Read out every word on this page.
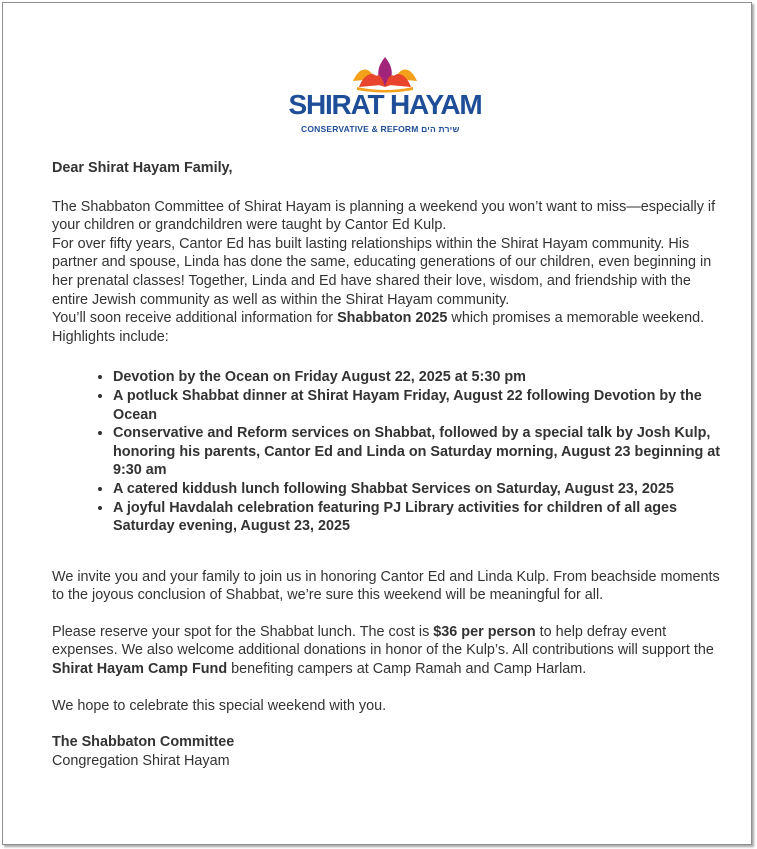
SHIRAT HAYAM
CONSERVATIVE & REFORM שירת הים

Dear Shirat Hayam Family,

The Shabbaton Committee of Shirat Hayam is planning a weekend you won’t want to miss—especially if your children or grandchildren were taught by Cantor Ed Kulp.

For over fifty years, Cantor Ed has built lasting relationships within the Shirat Hayam community. His partner and spouse, Linda has done the same, educating generations of our children, even beginning in her prenatal classes! Together, Linda and Ed have shared their love, wisdom, and friendship with the entire Jewish community as well as within the Shirat Hayam community.

You’ll soon receive additional information for Shabbaton 2025 which promises a memorable weekend. Highlights include:

• Devotion by the Ocean on Friday August 22, 2025 at 5:30 pm
• A potluck Shabbat dinner at Shirat Hayam Friday, August 22 following Devotion by the Ocean
• Conservative and Reform services on Shabbat, followed by a special talk by Josh Kulp, honoring his parents, Cantor Ed and Linda on Saturday morning, August 23 beginning at 9:30 am
• A catered kiddush lunch following Shabbat Services on Saturday, August 23, 2025
• A joyful Havdalah celebration featuring PJ Library activities for children of all ages Saturday evening, August 23, 2025

We invite you and your family to join us in honoring Cantor Ed and Linda Kulp. From beachside moments to the joyous conclusion of Shabbat, we’re sure this weekend will be meaningful for all.

Please reserve your spot for the Shabbat lunch. The cost is $36 per person to help defray event expenses. We also welcome additional donations in honor of the Kulp’s. All contributions will support the Shirat Hayam Camp Fund benefiting campers at Camp Ramah and Camp Harlam.

We hope to celebrate this special weekend with you.

The Shabbaton Committee

Congregation Shirat Hayam
